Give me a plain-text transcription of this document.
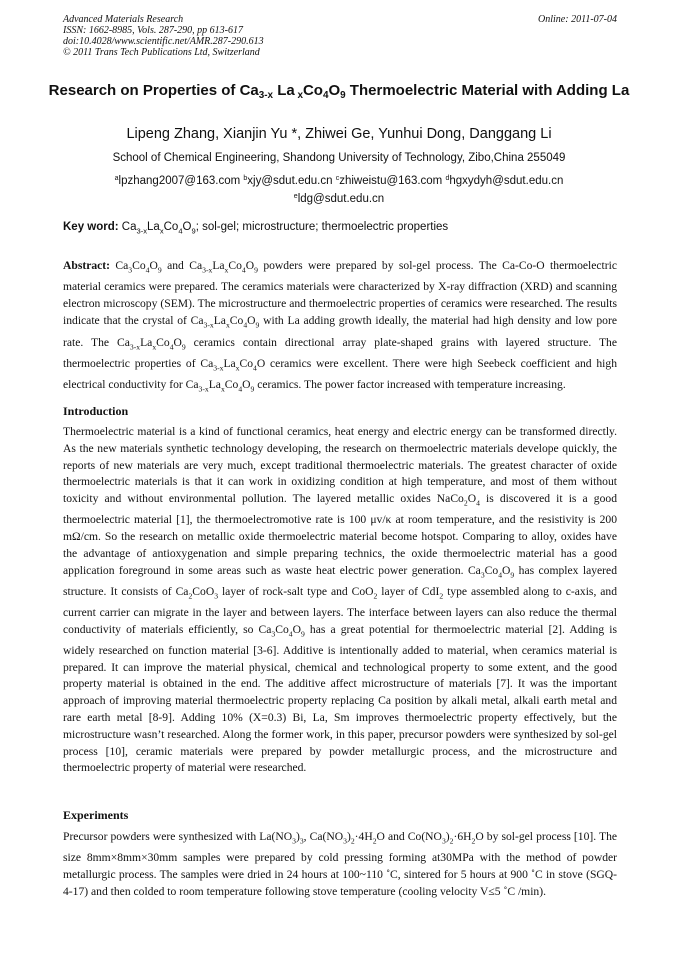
Advanced Materials Research
ISSN: 1662-8985, Vols. 287-290, pp 613-617
doi:10.4028/www.scientific.net/AMR.287-290.613
© 2011 Trans Tech Publications Ltd, Switzerland
Online: 2011-07-04
Research on Properties of $Ca_{3-x}$ La $_xCo_4O_9$ Thermoelectric Material with Adding La
Lipeng Zhang, Xianjin Yu *, Zhiwei Ge, Yunhui Dong, Danggang Li
School of Chemical Engineering, Shandong University of Technology, Zibo,China 255049
$^a$lpzhang2007@163.com $^b$xjy@sdut.edu.cn $^c$zhiweistu@163.com $^d$hgxydyh@sdut.edu.cn
$^e$ldg@sdut.edu.cn
Key word: $Ca_{3-x}La_xCo_4O_9$; sol-gel; microstructure; thermoelectric properties
Abstract: $Ca_3Co_4O_9$ and $Ca_{3-x}La_xCo_4O_9$ powders were prepared by sol-gel process. The Ca-Co-O thermoelectric material ceramics were prepared. The ceramics materials were characterized by X-ray diffraction (XRD) and scanning electron microscopy (SEM). The microstructure and thermoelectric properties of ceramics were researched. The results indicate that the crystal of $Ca_{3-x}La_xCo_4O_9$ with La adding growth ideally, the material had high density and low pore rate. The $Ca_{3-x}La_xCo_4O_9$ ceramics contain directional array plate-shaped grains with layered structure. The thermoelectric properties of $Ca_{3-x}La_xCo_4O$ ceramics were excellent. There were high Seebeck coefficient and high electrical conductivity for $Ca_{3-x}La_xCo_4O_9$ ceramics. The power factor increased with temperature increasing.
Introduction
Thermoelectric material is a kind of functional ceramics, heat energy and electric energy can be transformed directly. As the new materials synthetic technology developing, the research on thermoelectric materials develope quickly, the reports of new materials are very much, except traditional thermoelectric materials. The greatest character of oxide thermoelectric materials is that it can work in oxidizing condition at high temperature, and most of them without toxicity and without environmental pollution. The layered metallic oxides $NaCo_2O_4$ is discovered it is a good thermoelectric material [1], the thermoelectromotive rate is 100 μv/κ at room temperature, and the resistivity is 200 mΩ/cm. So the research on metallic oxide thermoelectric material become hotspot. Comparing to alloy, oxides have the advantage of antioxygenation and simple preparing technics, the oxide thermoelectric material has a good application foreground in some areas such as waste heat electric power generation. $Ca_3Co_4O_9$ has complex layered structure. It consists of $Ca_2CoO_3$ layer of rock-salt type and CoO$_2$ layer of CdI$_2$ type assembled along to c-axis, and current carrier can migrate in the layer and between layers. The interface between layers can also reduce the thermal conductivity of materials efficiently, so $Ca_3Co_4O_9$ has a great potential for thermoelectric material [2]. Adding is widely researched on function material [3-6]. Additive is intentionally added to material, when ceramics material is prepared. It can improve the material physical, chemical and technological property to some extent, and the good property material is obtained in the end. The additive affect microstructure of materials [7]. It was the important approach of improving material thermoelectric property replacing Ca position by alkali metal, alkali earth metal and rare earth metal [8-9]. Adding 10% (X=0.3) Bi, La, Sm improves thermoelectric property effectively, but the microstructure wasn’t researched. Along the former work, in this paper, precursor powders were synthesized by sol-gel process [10], ceramic materials were prepared by powder metallurgic process, and the microstructure and thermoelectric property of material were researched.
Experiments
Precursor powders were synthesized with $La(NO_3)_3$, $Ca(NO_3)_2\cdot 4H_2O$ and $Co(NO_3)_2\cdot 6H_2O$ by sol-gel process [10]. The size 8mm×8mm×30mm samples were prepared by cold pressing forming at30MPa with the method of powder metallurgic process. The samples were dried in 24 hours at 100~110 ˚C, sintered for 5 hours at 900 ˚C in stove (SGQ-4-17) and then colded to room temperature following stove temperature (cooling velocity V≤5 ˚C /min).
